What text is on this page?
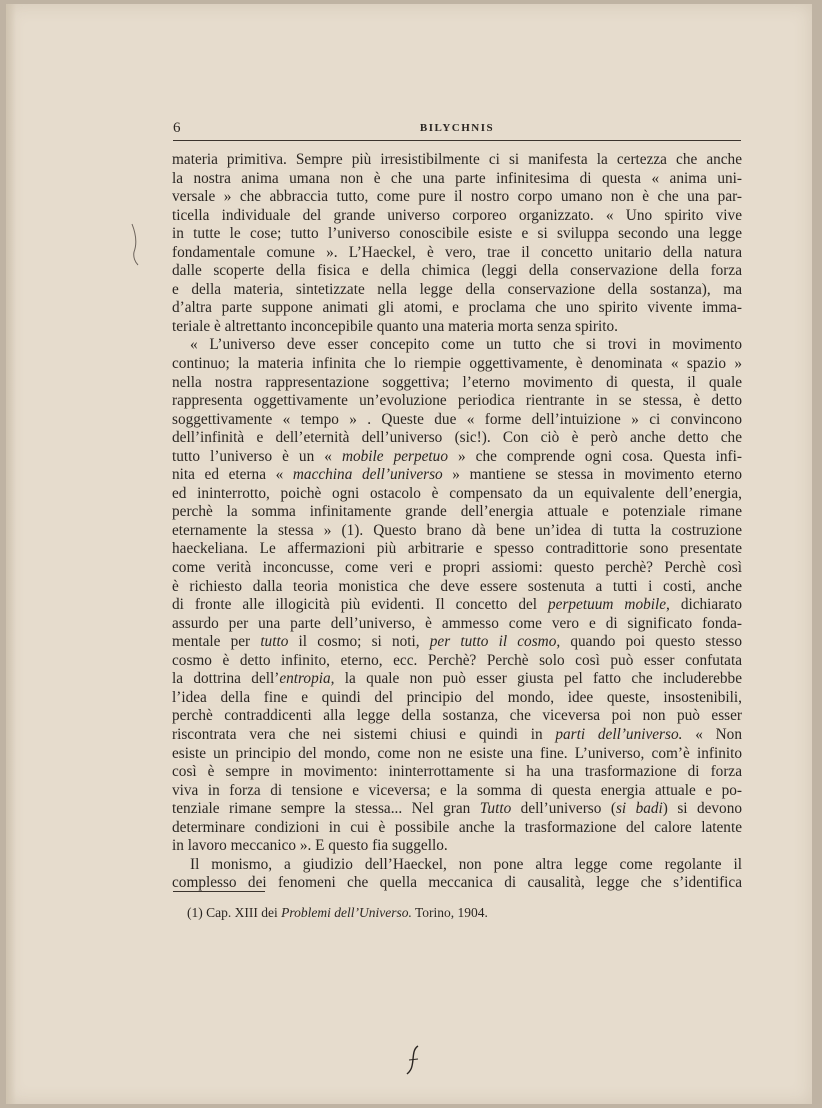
6	BILYCHNIS
materia primitiva. Sempre più irresistibilmente ci si manifesta la certezza che anche
la nostra anima umana non è che una parte infinitesima di questa « anima uni-
versale » che abbraccia tutto, come pure il nostro corpo umano non è che una par-
ticella individuale del grande universo corporeo organizzato. « Uno spirito vive
in tutte le cose; tutto l’universo conoscibile esiste e si sviluppa secondo una legge
fondamentale comune ». L’Haeckel, è vero, trae il concetto unitario della natura
dalle scoperte della fisica e della chimica (leggi della conservazione della forza
e della materia, sintetizzate nella legge della conservazione della sostanza), ma
d’altra parte suppone animati gli atomi, e proclama che uno spirito vivente imma-
teriale è altrettanto inconcepibile quanto una materia morta senza spirito.
« L’universo deve esser concepito come un tutto che si trovi in movimento
continuo; la materia infinita che lo riempie oggettivamente, è denominata « spazio »
nella nostra rappresentazione soggettiva; l’eterno movimento di questa, il quale
rappresenta oggettivamente un’evoluzione periodica rientrante in se stessa, è detto
soggettivamente « tempo » . Queste due « forme dell’intuizione » ci convincono
dell’infinità e dell’eternità dell’universo (sic!). Con ciò è però anche detto che
tutto l’universo è un « mobile perpetuo » che comprende ogni cosa. Questa infi-
nita ed eterna « macchina dell’universo » mantiene se stessa in movimento eterno
ed ininterrotto, poichè ogni ostacolo è compensato da un equivalente dell’energia,
perchè la somma infinitamente grande dell’energia attuale e potenziale rimane
eternamente la stessa » (1). Questo brano dà bene un’idea di tutta la costruzione
haeckeliana. Le affermazioni più arbitrarie e spesso contradittorie sono presentate
come verità inconcusse, come veri e propri assiomi: questo perchè? Perchè così
è richiesto dalla teoria monistica che deve essere sostenuta a tutti i costi, anche
di fronte alle illogicità più evidenti. Il concetto del perpetuum mobile, dichiarato
assurdo per una parte dell’universo, è ammesso come vero e di significato fonda-
mentale per tutto il cosmo; si noti, per tutto il cosmo, quando poi questo stesso
cosmo è detto infinito, eterno, ecc. Perchè? Perchè solo così può esser confutata
la dottrina dell’entropia, la quale non può esser giusta pel fatto che includerebbe
l’idea della fine e quindi del principio del mondo, idee queste, insostenibili,
perchè contraddicenti alla legge della sostanza, che viceversa poi non può esser
riscontrata vera che nei sistemi chiusi e quindi in parti dell’universo. « Non
esiste un principio del mondo, come non ne esiste una fine. L’universo, com’è infinito
così è sempre in movimento: ininterrottamente si ha una trasformazione di forza
viva in forza di tensione e viceversa; e la somma di questa energia attuale e po-
tenziale rimane sempre la stessa... Nel gran Tutto dell’universo (si badi) si devono
determinare condizioni in cui è possibile anche la trasformazione del calore latente
in lavoro meccanico ». E questo fia suggello.
Il monismo, a giudizio dell’Haeckel, non pone altra legge come regolante il
complesso dei fenomeni che quella meccanica di causalità, legge che s’identifica
(1) Cap. XIII dei Problemi dell’Universo. Torino, 1904.
